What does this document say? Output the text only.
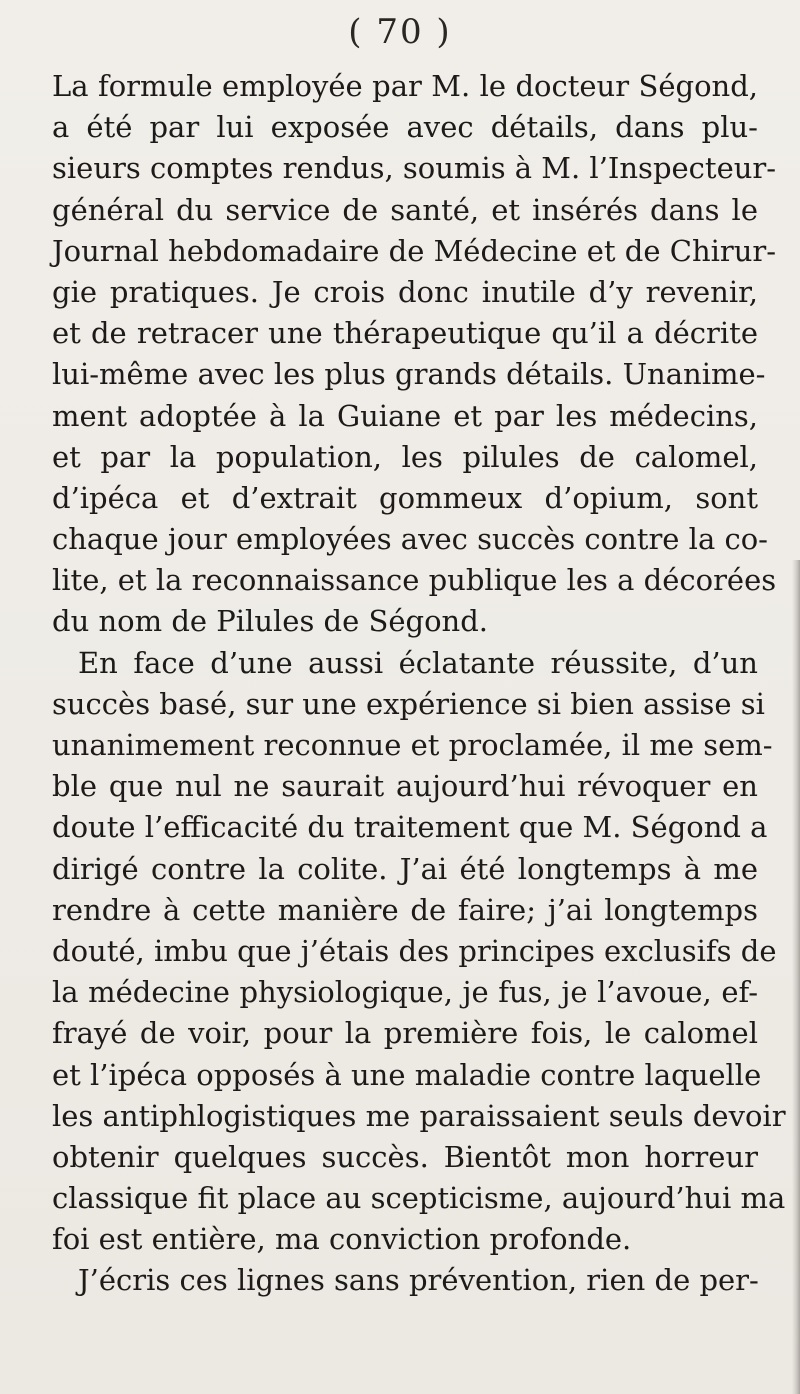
( 70 )
La formule employée par M. le docteur Ségond,
a été par lui exposée avec détails, dans plu-
sieurs comptes rendus, soumis à M. l’Inspecteur-
général du service de santé, et insérés dans le
Journal hebdomadaire de Médecine et de Chirur-
gie pratiques. Je crois donc inutile d’y revenir,
et de retracer une thérapeutique qu’il a décrite
lui-même avec les plus grands détails. Unanime-
ment adoptée à la Guiane et par les médecins,
et par la population, les pilules de calomel,
d’ipéca et d’extrait gommeux d’opium, sont
chaque jour employées avec succès contre la co-
lite, et la reconnaissance publique les a décorées
du nom de Pilules de Ségond.
En face d’une aussi éclatante réussite, d’un
succès basé, sur une expérience si bien assise si
unanimement reconnue et proclamée, il me sem-
ble que nul ne saurait aujourd’hui révoquer en
doute l’efficacité du traitement que M. Ségond a
dirigé contre la colite. J’ai été longtemps à me
rendre à cette manière de faire; j’ai longtemps
douté, imbu que j’étais des principes exclusifs de
la médecine physiologique, je fus, je l’avoue, ef-
frayé de voir, pour la première fois, le calomel
et l’ipéca opposés à une maladie contre laquelle
les antiphlogistiques me paraissaient seuls devoir
obtenir quelques succès. Bientôt mon horreur
classique fit place au scepticisme, aujourd’hui ma
foi est entière, ma conviction profonde.
J’écris ces lignes sans prévention, rien de per-
